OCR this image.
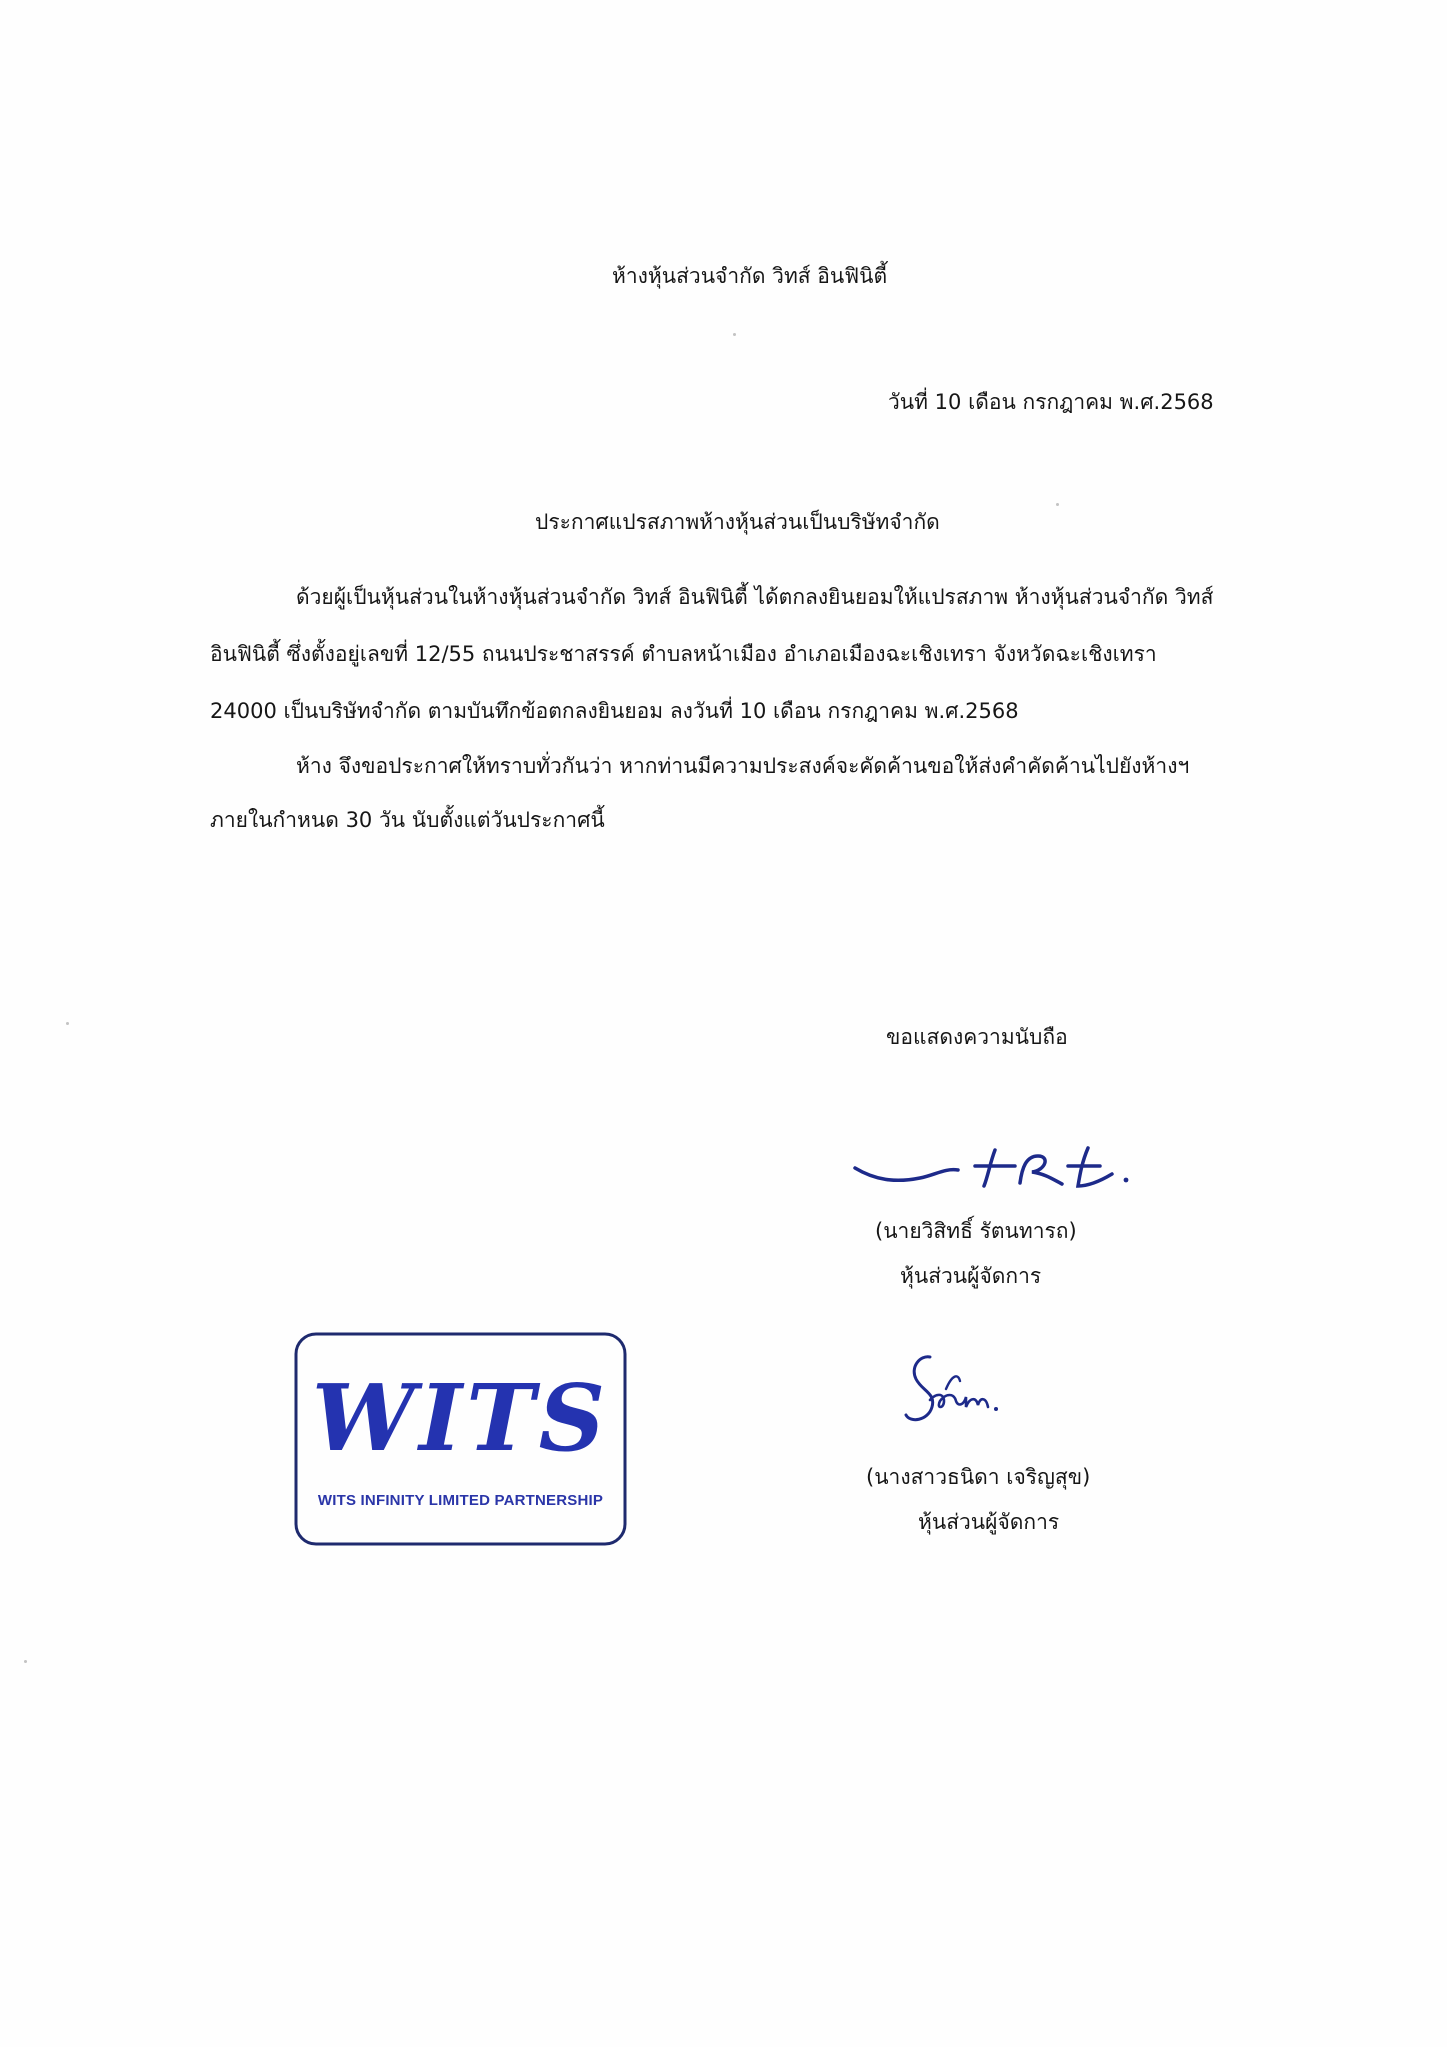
ห้างหุ้นส่วนจำกัด วิทส์ อินฟินิตี้
วันที่ 10 เดือน กรกฎาคม พ.ศ.2568
ประกาศแปรสภาพห้างหุ้นส่วนเป็นบริษัทจำกัด
ด้วยผู้เป็นหุ้นส่วนในห้างหุ้นส่วนจำกัด วิทส์ อินฟินิตี้ ได้ตกลงยินยอมให้แปรสภาพ ห้างหุ้นส่วนจำกัด วิทส์
อินฟินิตี้ ซึ่งตั้งอยู่เลขที่ 12/55 ถนนประชาสรรค์ ตำบลหน้าเมือง อำเภอเมืองฉะเชิงเทรา จังหวัดฉะเชิงเทรา
24000 เป็นบริษัทจำกัด ตามบันทึกข้อตกลงยินยอม ลงวันที่ 10 เดือน กรกฎาคม พ.ศ.2568
ห้าง จึงขอประกาศให้ทราบทั่วกันว่า หากท่านมีความประสงค์จะคัดค้านขอให้ส่งคำคัดค้านไปยังห้างฯ
ภายในกำหนด 30 วัน นับตั้งแต่วันประกาศนี้
ขอแสดงความนับถือ
(นายวิสิทธิ์ รัตนทารถ)
หุ้นส่วนผู้จัดการ
WITS
WITS INFINITY LIMITED PARTNERSHIP
(นางสาวธนิดา เจริญสุข)
หุ้นส่วนผู้จัดการ
